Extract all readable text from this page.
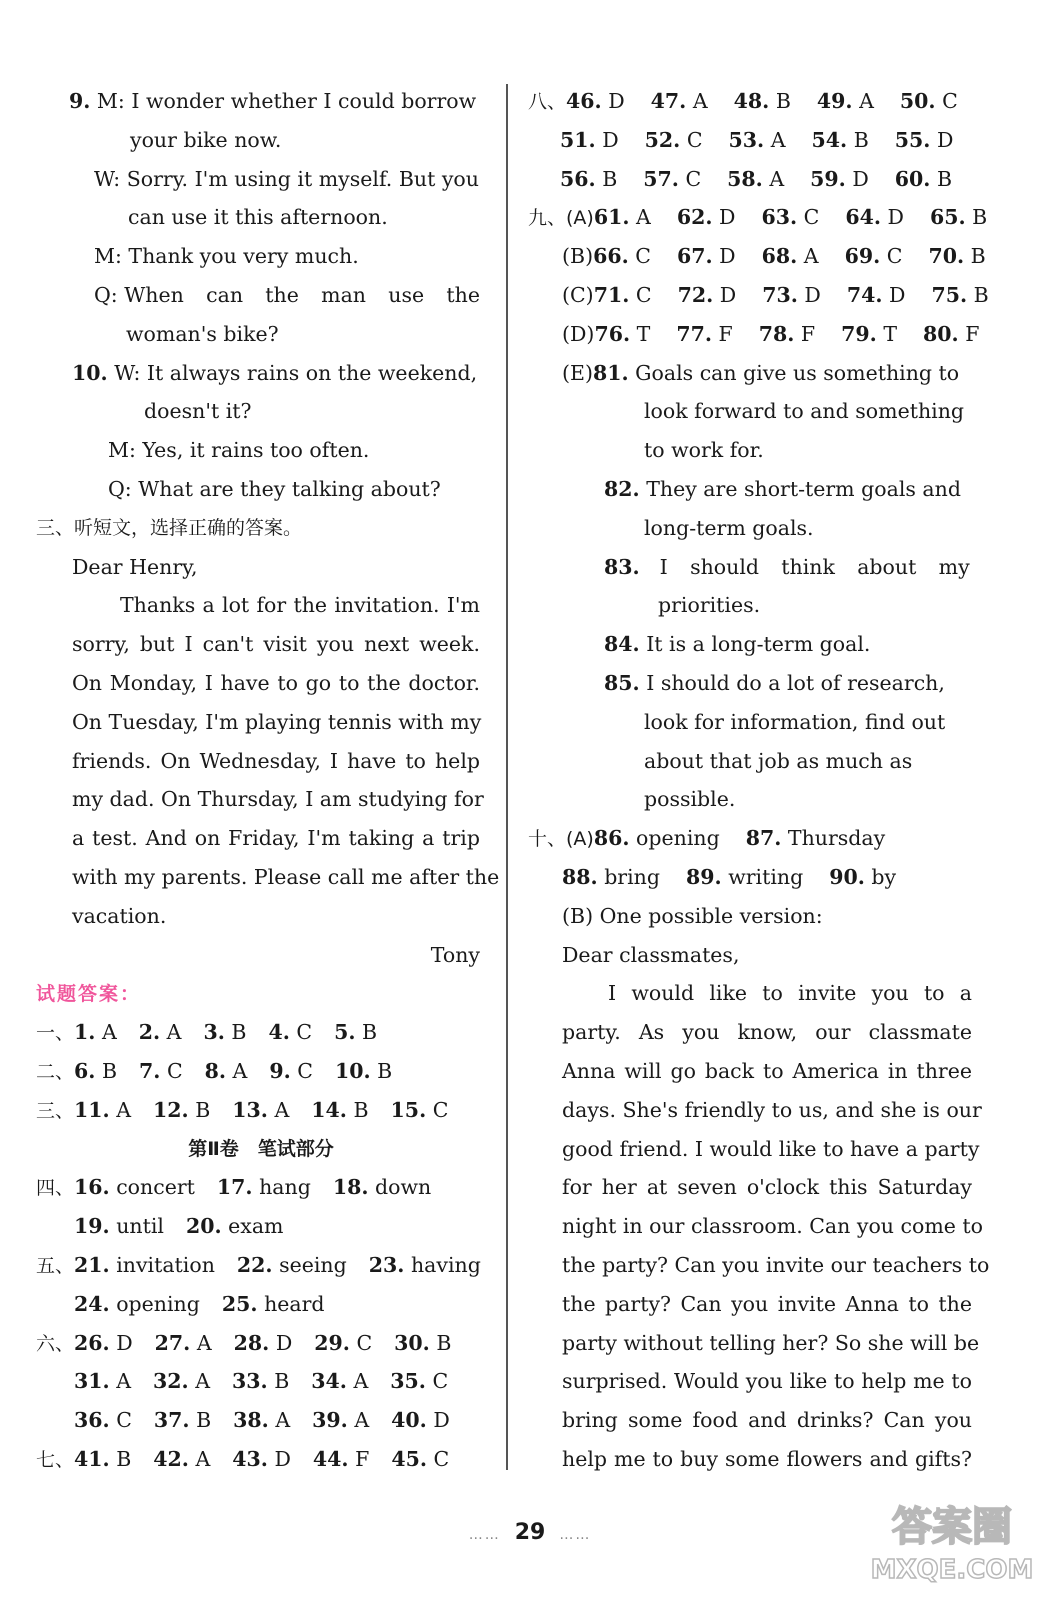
9. M: I wonder whether I could borrow
your bike now.
W: Sorry. I'm using it myself. But you
can use it this afternoon.
M: Thank you very much.
Q: When can the man use the
woman's bike?
10. W: It always rains on the weekend,
doesn't it?
M: Yes, it rains too often.
Q: What are they talking about?
三、听短文，选择正确的答案。
Dear Henry,
Thanks a lot for the invitation. I'm
sorry, but I can't visit you next week.
On Monday, I have to go to the doctor.
On Tuesday, I'm playing tennis with my
friends. On Wednesday, I have to help
my dad. On Thursday, I am studying for
a test. And on Friday, I'm taking a trip
with my parents. Please call me after the
vacation.
Tony
试题答案：
一、1. A 2. A 3. B 4. C 5. B
二、6. B 7. C 8. A 9. C 10. B
三、11. A 12. B 13. A 14. B 15. C
第Ⅱ卷　笔试部分
四、16. concert 17. hang 18. down
19. until 20. exam
五、21. invitation 22. seeing 23. having
24. opening 25. heard
六、26. D 27. A 28. D 29. C 30. B
31. A 32. A 33. B 34. A 35. C
36. C 37. B 38. A 39. A 40. D
七、41. B 42. A 43. D 44. F 45. C
八、46. D 47. A 48. B 49. A 50. C
51. D 52. C 53. A 54. B 55. D
56. B 57. C 58. A 59. D 60. B
九、(A)61. A 62. D 63. C 64. D 65. B
(B)66. C 67. D 68. A 69. C 70. B
(C)71. C 72. D 73. D 74. D 75. B
(D)76. T 77. F 78. F 79. T 80. F
(E)81. Goals can give us something to
look forward to and something
to work for.
82. They are short-term goals and
long-term goals.
83. I should think about my
priorities.
84. It is a long-term goal.
85. I should do a lot of research,
look for information, find out
about that job as much as
possible.
十、(A)86. opening 87. Thursday
88. bring 89. writing 90. by
(B) One possible version:
Dear classmates,
I would like to invite you to a
party. As you know, our classmate
Anna will go back to America in three
days. She's friendly to us, and she is our
good friend. I would like to have a party
for her at seven o'clock this Saturday
night in our classroom. Can you come to
the party? Can you invite our teachers to
the party? Can you invite Anna to the
party without telling her? So she will be
surprised. Would you like to help me to
bring some food and drinks? Can you
help me to buy some flowers and gifts?
…… 29 ……	答案圈
MXQE.COM
